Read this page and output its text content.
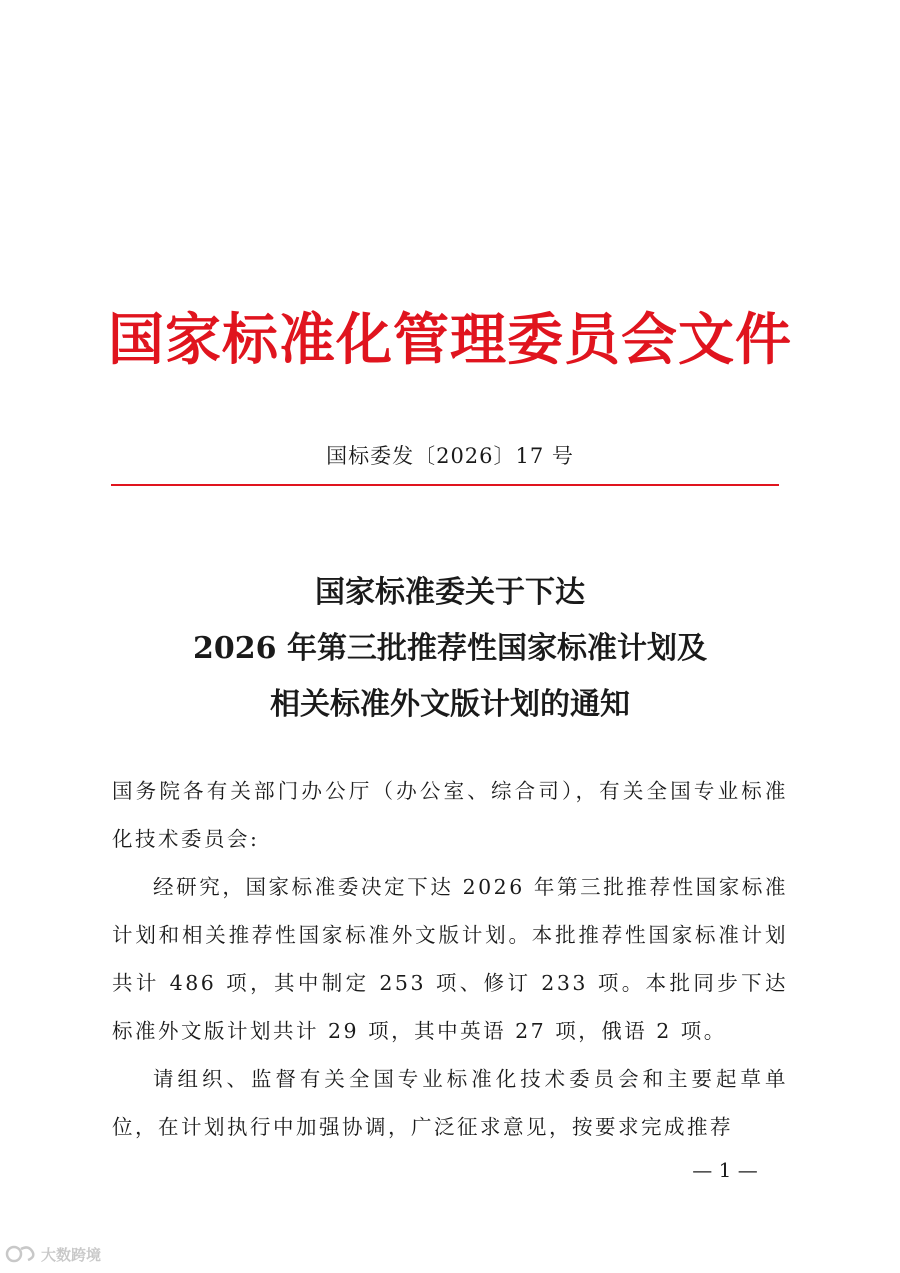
国家标准化管理委员会文件
国标委发〔2026〕17 号
国家标准委关于下达
2026 年第三批推荐性国家标准计划及
相关标准外文版计划的通知

国务院各有关部门办公厅（办公室、综合司），有关全国专业标准化技术委员会:

经研究，国家标准委决定下达 2026 年第三批推荐性国家标准计划和相关推荐性国家标准外文版计划。本批推荐性国家标准计划共计 486 项，其中制定 253 项、修订 233 项。本批同步下达标准外文版计划共计 29 项，其中英语 27 项，俄语 2 项。

请组织、监督有关全国专业标准化技术委员会和主要起草单位，在计划执行中加强协调，广泛征求意见，按要求完成推荐

— 1 —
大数跨境
